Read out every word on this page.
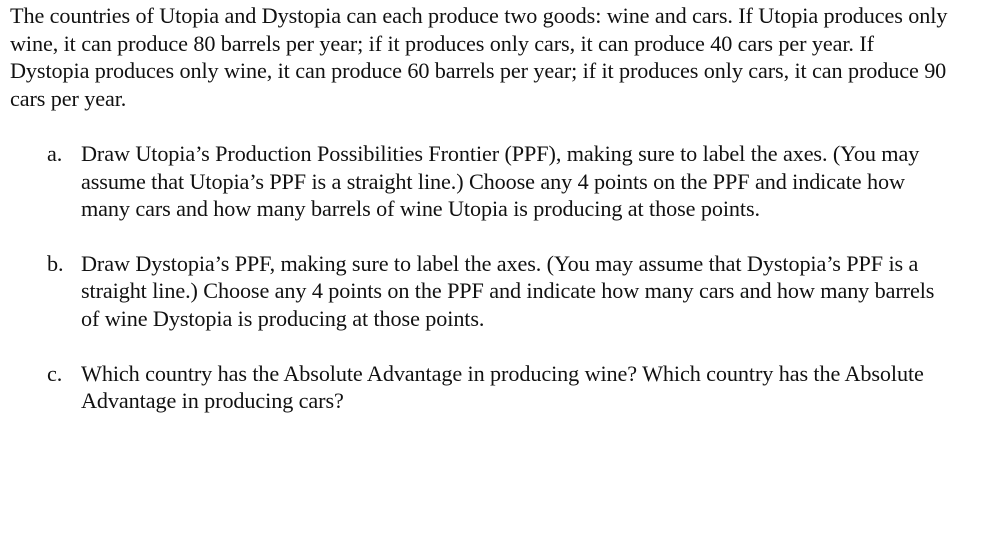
The countries of Utopia and Dystopia can each produce two goods: wine and cars. If Utopia produces only wine, it can produce 80 barrels per year; if it produces only cars, it can produce 40 cars per year. If Dystopia produces only wine, it can produce 60 barrels per year; if it produces only cars, it can produce 90 cars per year.

a. Draw Utopia’s Production Possibilities Frontier (PPF), making sure to label the axes. (You may assume that Utopia’s PPF is a straight line.) Choose any 4 points on the PPF and indicate how many cars and how many barrels of wine Utopia is producing at those points.
b. Draw Dystopia’s PPF, making sure to label the axes. (You may assume that Dystopia’s PPF is a straight line.) Choose any 4 points on the PPF and indicate how many cars and how many barrels of wine Dystopia is producing at those points.
c. Which country has the Absolute Advantage in producing wine? Which country has the Absolute Advantage in producing cars?
